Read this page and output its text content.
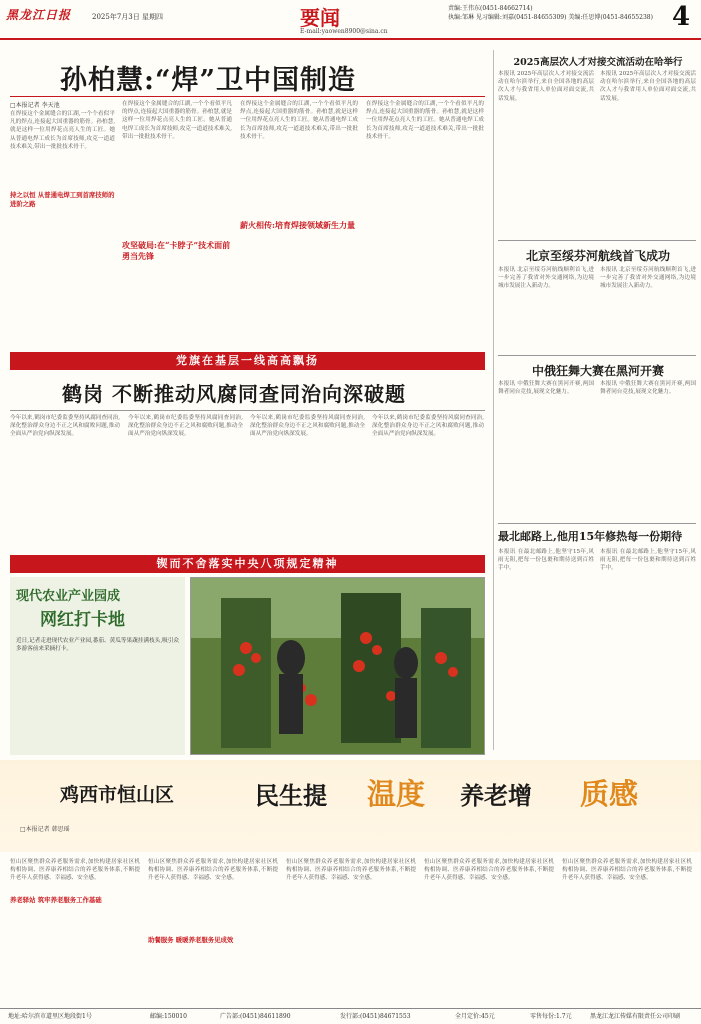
黑龙江日报	2025年7月3日 星期四	要闻
E-mail:yaowen8900@sina.cn
责编:王伟东(0451-84662714)
执编:邹琳 见习编辑:刘嘉(0451-84655309) 美编:任思博(0451-84655238) 4
孙柏慧:“焊”卫中国制造
□本报记者 李天池
在焊接这个金属缝合的江湖,一个个看似平凡的焊点,连接起大国重器的筋骨。孙柏慧,就是这样一位用焊花点亮人生的工匠。她从普通电焊工成长为首席技师,攻克一道道技术难关,带出一批批技术骨干。
持之以恒 从普通电焊工到首席技师的进阶之路
在焊接这个金属缝合的江湖,一个个看似平凡的焊点,连接起大国重器的筋骨。孙柏慧,就是这样一位用焊花点亮人生的工匠。她从普通电焊工成长为首席技师,攻克一道道技术难关,带出一批批技术骨干。
攻坚破局:在“卡脖子”技术面前勇当先锋
在焊接这个金属缝合的江湖,一个个看似平凡的焊点,连接起大国重器的筋骨。孙柏慧,就是这样一位用焊花点亮人生的工匠。她从普通电焊工成长为首席技师,攻克一道道技术难关,带出一批批技术骨干。
薪火相传:培育焊接领域新生力量
在焊接这个金属缝合的江湖,一个个看似平凡的焊点,连接起大国重器的筋骨。孙柏慧,就是这样一位用焊花点亮人生的工匠。她从普通电焊工成长为首席技师,攻克一道道技术难关,带出一批批技术骨干。
党旗在基层一线高高飘扬
鹤岗 不断推动风腐同查同治向深破题
今年以来,鹤岗市纪委监委坚持风腐同查同治,深化整治群众身边不正之风和腐败问题,推动全面从严治党向纵深发展。
今年以来,鹤岗市纪委监委坚持风腐同查同治,深化整治群众身边不正之风和腐败问题,推动全面从严治党向纵深发展。
今年以来,鹤岗市纪委监委坚持风腐同查同治,深化整治群众身边不正之风和腐败问题,推动全面从严治党向纵深发展。
今年以来,鹤岗市纪委监委坚持风腐同查同治,深化整治群众身边不正之风和腐败问题,推动全面从严治党向纵深发展。
锲而不舍落实中央八项规定精神
现代农业产业园成
网红打卡地
近日,记者走进现代农业产业园,番茄、黄瓜等果蔬挂满枝头,吸引众多游客前来采摘打卡。
2025高层次人才对接交流活动在哈举行
本报讯 2025年高层次人才对接交流活动在哈尔滨举行,来自全国各地的高层次人才与我省用人单位面对面交流,共话发展。
本报讯 2025年高层次人才对接交流活动在哈尔滨举行,来自全国各地的高层次人才与我省用人单位面对面交流,共话发展。
北京至绥芬河航线首飞成功
本报讯 北京至绥芬河航线顺利首飞,进一步完善了我省对外交通网络,为边境城市发展注入新动力。
本报讯 北京至绥芬河航线顺利首飞,进一步完善了我省对外交通网络,为边境城市发展注入新动力。
中俄狂舞大赛在黑河开赛
本报讯 中俄狂舞大赛在黑河开赛,两国舞者同台竞技,展现文化魅力。
本报讯 中俄狂舞大赛在黑河开赛,两国舞者同台竞技,展现文化魅力。
最北邮路上,他用15年修热每一份期待
本报讯 在最北邮路上,他坚守15年,风雨无阻,把每一份包裹和期待送到百姓手中。
本报讯 在最北邮路上,他坚守15年,风雨无阻,把每一份包裹和期待送到百姓手中。
鸡西市恒山区	民生提 温度 养老增 质感
□本报记者 韩思瑶
恒山区聚焦群众养老服务需求,加快构建居家社区机构相协调、医养康养相结合的养老服务体系,不断提升老年人获得感、幸福感、安全感。
养老驿站 筑牢养老服务工作基础
恒山区聚焦群众养老服务需求,加快构建居家社区机构相协调、医养康养相结合的养老服务体系,不断提升老年人获得感、幸福感、安全感。
助餐服务 暖暖养老服务见成效
恒山区聚焦群众养老服务需求,加快构建居家社区机构相协调、医养康养相结合的养老服务体系,不断提升老年人获得感、幸福感、安全感。
恒山区聚焦群众养老服务需求,加快构建居家社区机构相协调、医养康养相结合的养老服务体系,不断提升老年人获得感、幸福感、安全感。
恒山区聚焦群众养老服务需求,加快构建居家社区机构相协调、医养康养相结合的养老服务体系,不断提升老年人获得感、幸福感、安全感。
地址:哈尔滨市道里区地段街1号	邮编:150010	广告部:(0451)84611890	发行部:(0451)84671553	全月定价:45元	零售每份:1.7元	黑龙江龙江传媒有限责任公司印刷
